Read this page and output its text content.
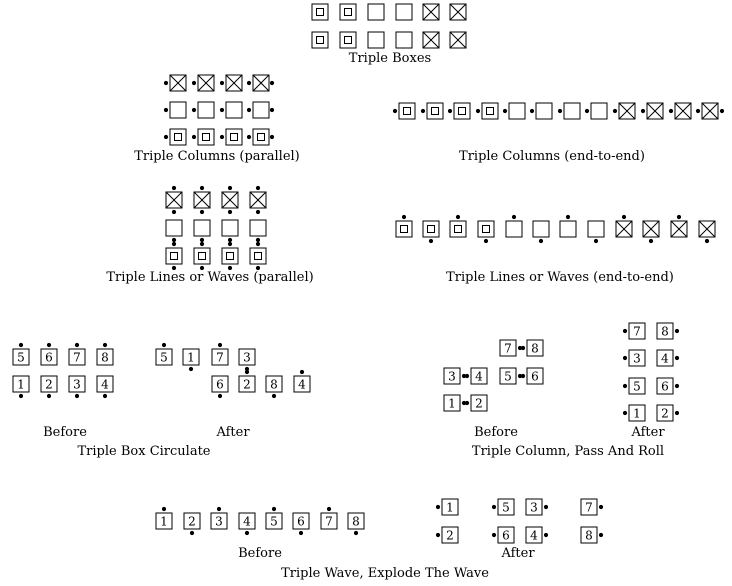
5 6 7 8
1 2 3 4
5 1 7 3
6 2 8 4
7 8
3 4 5 6
1 2
7 8
3 4
5 6
1 2
1 2 3 4 5 6 7 8
1	5 3	7
2	6 4	8
Triple Boxes
Triple Columns (parallel)	Triple Columns (end-to-end)
Triple Lines or Waves (parallel)	Triple Lines or Waves (end-to-end)
Before	After
Triple Box Circulate
Before	After
Triple Column, Pass And Roll
Before	After
Triple Wave, Explode The Wave
